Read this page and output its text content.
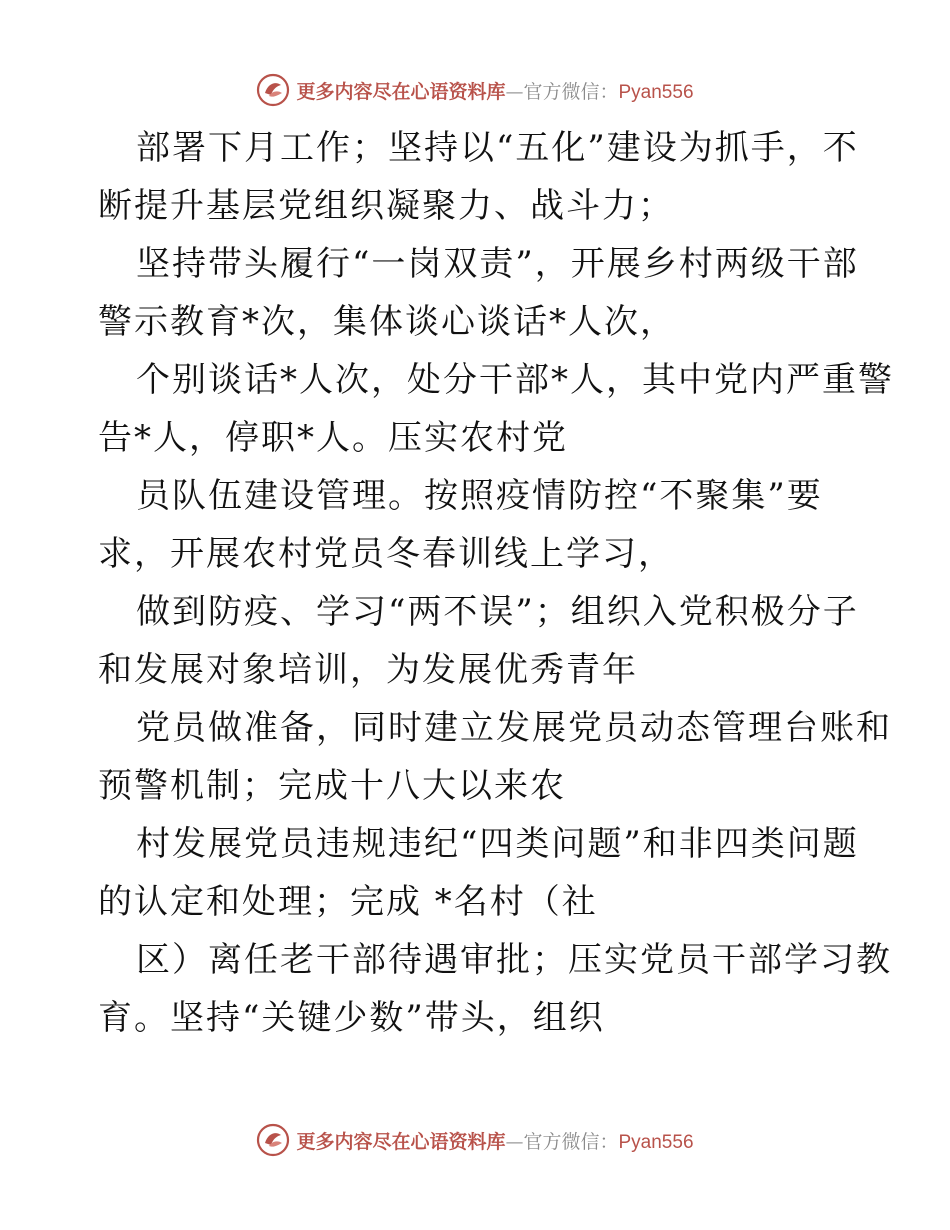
更多内容尽在心语资料库 — 官方微信： Pyan556
部署下月工作；坚持以“五化”建设为抓手，不
断提升基层党组织凝聚力、战斗力；
坚持带头履行“一岗双责”，开展乡村两级干部
警示教育*次，集体谈心谈话*人次，
个别谈话*人次，处分干部*人，其中党内严重警
告*人，停职*人。压实农村党
员队伍建设管理。按照疫情防控“不聚集”要
求，开展农村党员冬春训线上学习，
做到防疫、学习“两不误”；组织入党积极分子
和发展对象培训，为发展优秀青年
党员做准备，同时建立发展党员动态管理台账和
预警机制；完成十八大以来农
村发展党员违规违纪“四类问题”和非四类问题
的认定和处理；完成 *名村（社
区）离任老干部待遇审批；压实党员干部学习教
育。坚持“关键少数”带头，组织
更多内容尽在心语资料库 — 官方微信： Pyan556
